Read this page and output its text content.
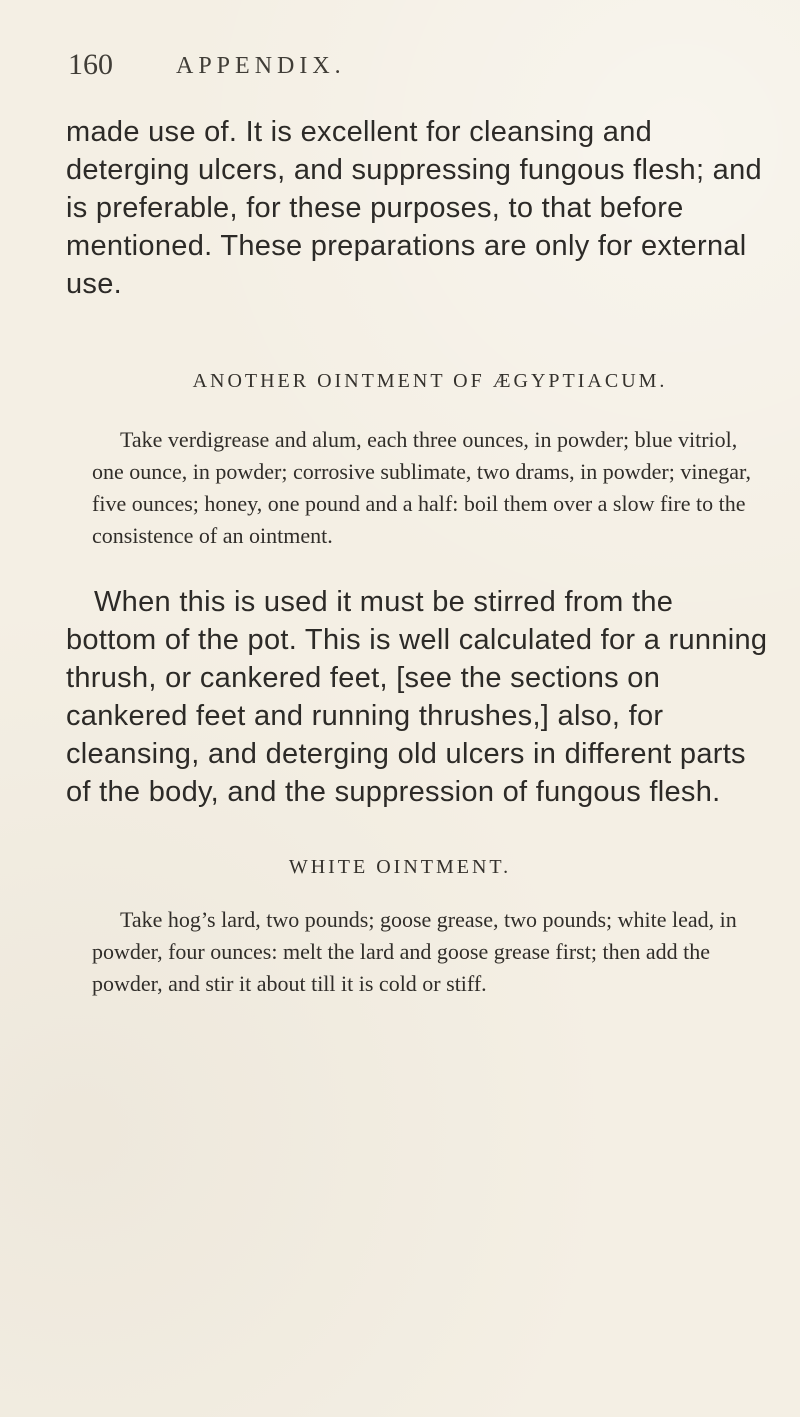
160	APPENDIX.

made use of. It is excellent for cleansing and deterging ulcers, and suppressing fungous flesh; and is preferable, for these purposes, to that before mentioned. These preparations are only for external use.

ANOTHER OINTMENT OF ÆGYPTIACUM.

Take verdigrease and alum, each three ounces, in powder; blue vitriol, one ounce, in powder; corrosive sublimate, two drams, in powder; vinegar, five ounces; honey, one pound and a half: boil them over a slow fire to the consistence of an ointment.

When this is used it must be stirred from the bottom of the pot. This is well calculated for a running thrush, or cankered feet, [see the sections on cankered feet and running thrushes,] also, for cleansing, and deterging old ulcers in different parts of the body, and the suppression of fungous flesh.

WHITE OINTMENT.

Take hog’s lard, two pounds; goose grease, two pounds; white lead, in powder, four ounces: melt the lard and goose grease first; then add the powder, and stir it about till it is cold or stiff.
